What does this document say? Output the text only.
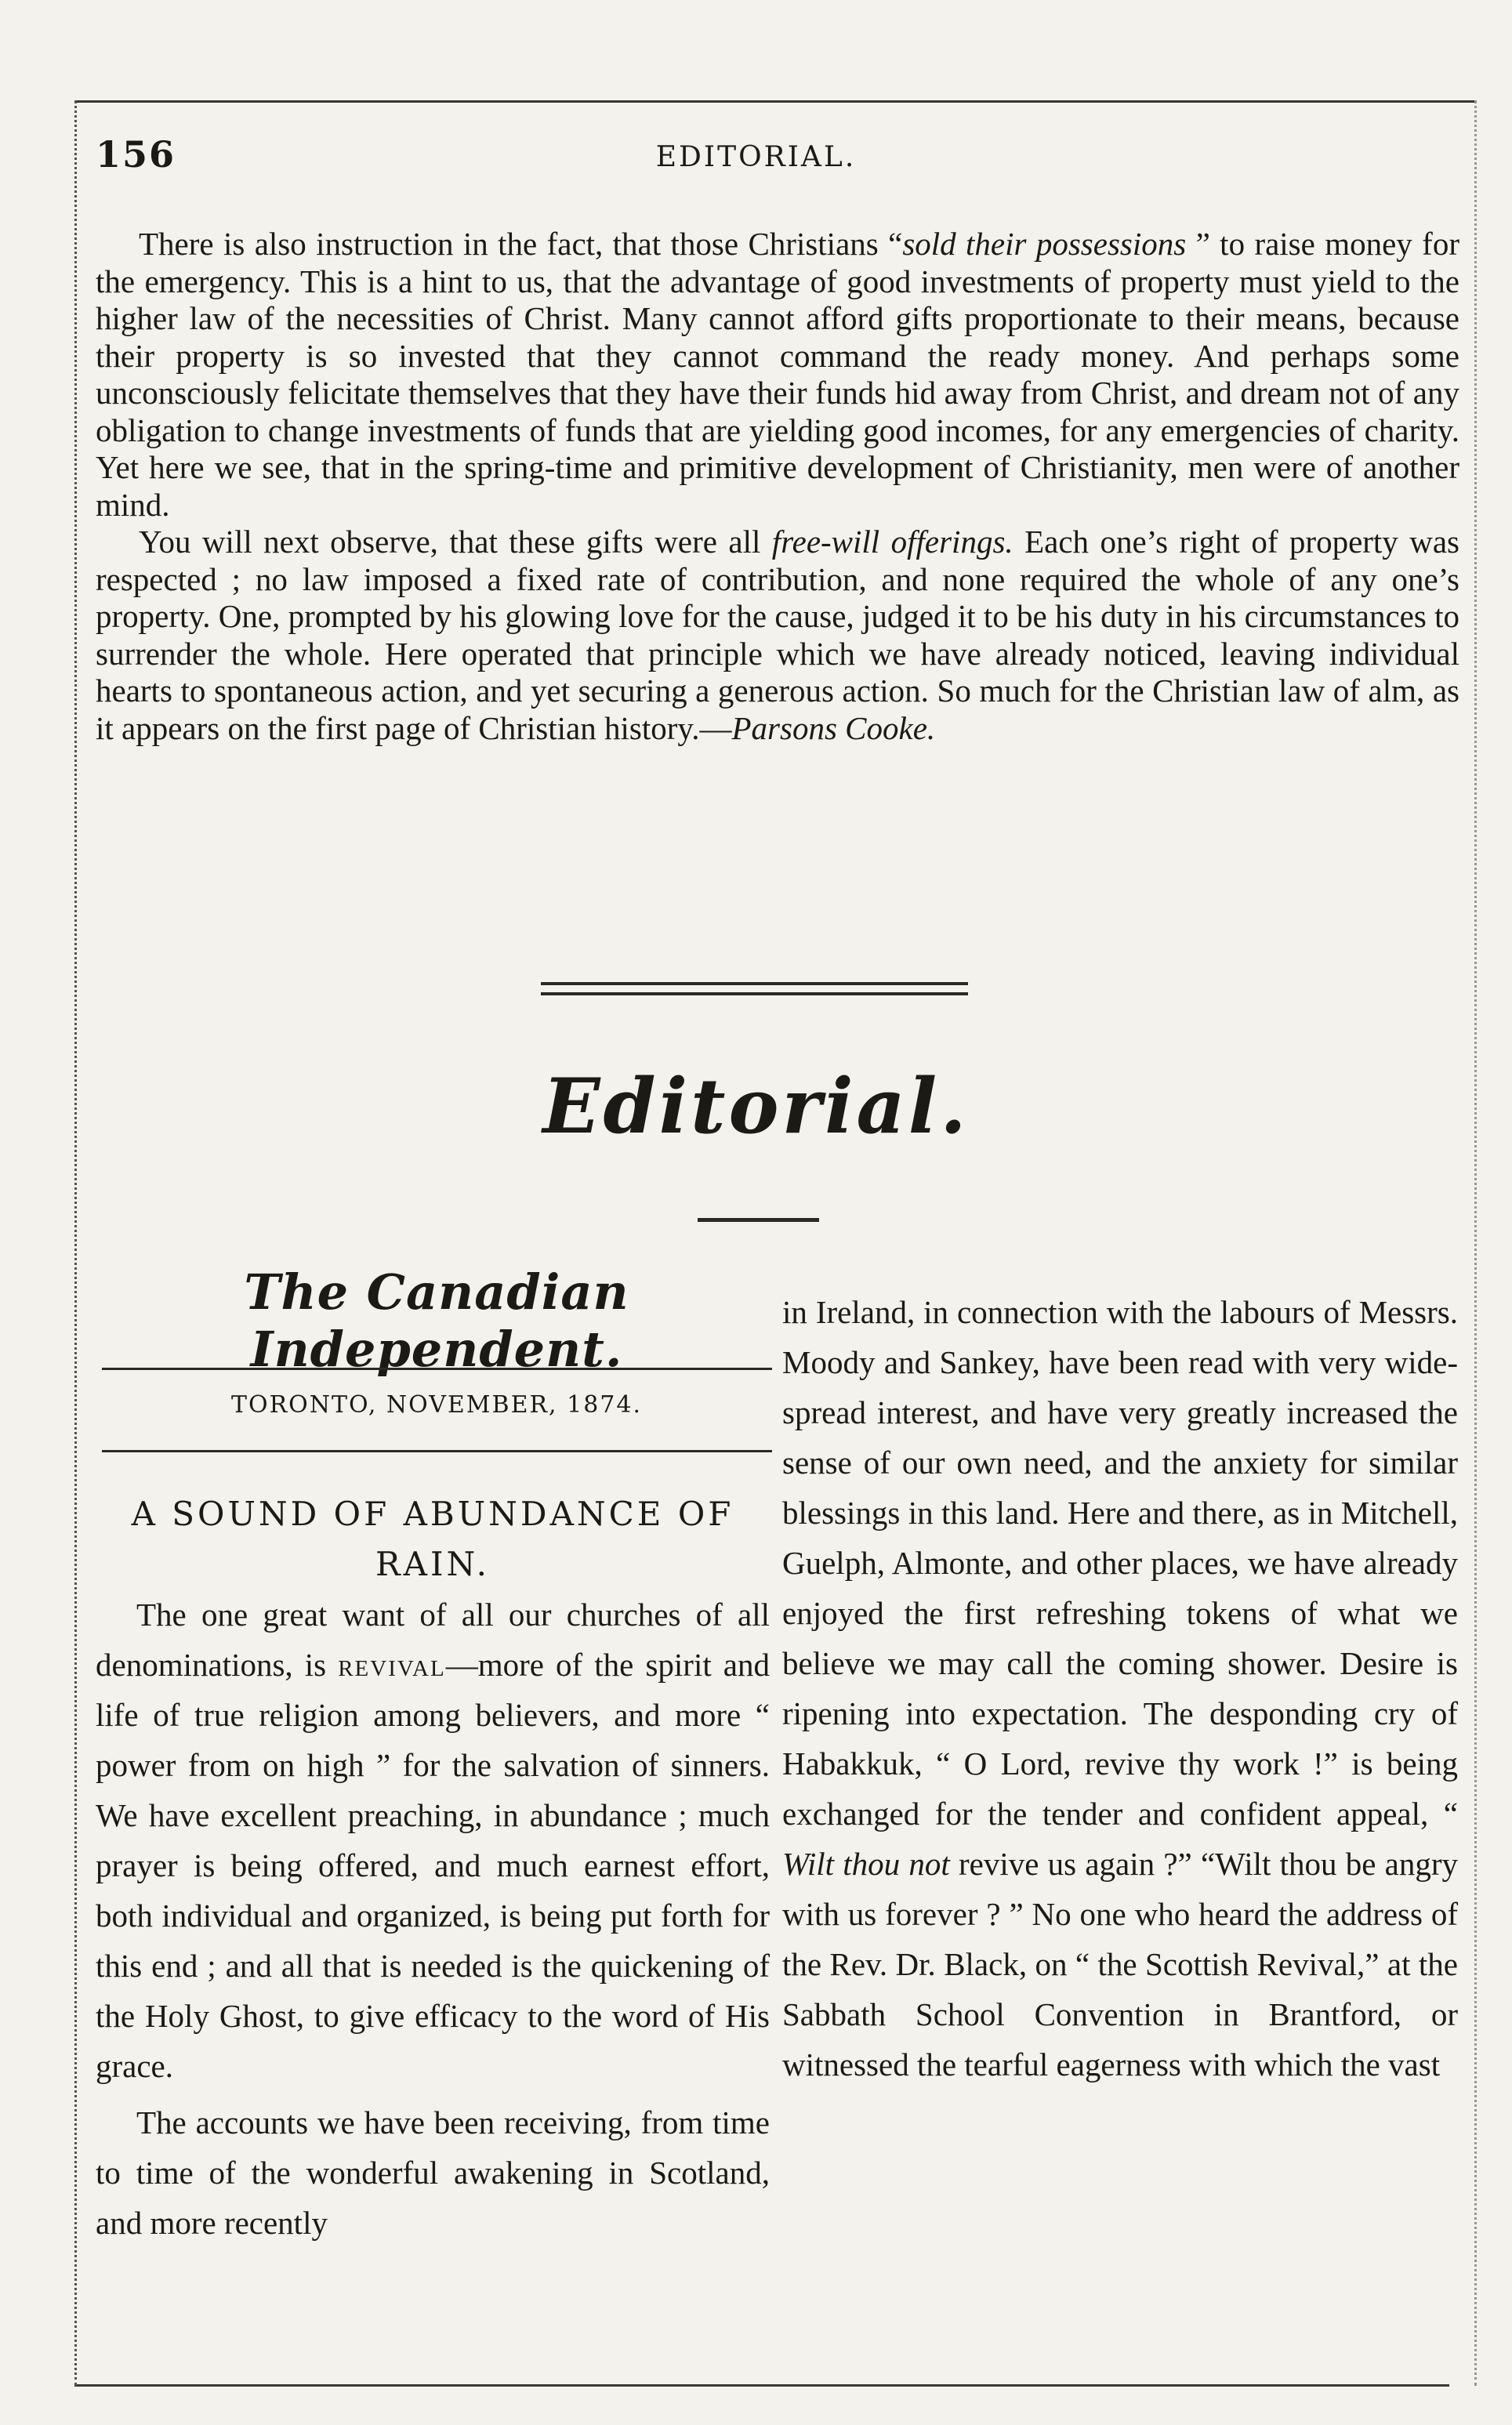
156	EDITORIAL.

There is also instruction in the fact, that those Christians “sold their possessions ” to raise money for the emergency. This is a hint to us, that the advantage of good investments of property must yield to the higher law of the necessities of Christ. Many cannot afford gifts proportionate to their means, because their property is so invested that they cannot command the ready money. And perhaps some unconsciously felicitate themselves that they have their funds hid away from Christ, and dream not of any obligation to change investments of funds that are yielding good incomes, for any emergencies of charity. Yet here we see, that in the spring-time and primitive development of Christianity, men were of another mind.

You will next observe, that these gifts were all free-will offerings. Each one’s right of property was respected ; no law imposed a fixed rate of contribution, and none required the whole of any one’s property. One, prompted by his glowing love for the cause, judged it to be his duty in his circumstances to surrender the whole. Here operated that principle which we have already noticed, leaving individual hearts to spontaneous action, and yet securing a generous action. So much for the Christian law of alm, as it appears on the first page of Christian history.—Parsons Cooke.

Editorial.
The Canadian Independent.
TORONTO, NOVEMBER, 1874.
A SOUND OF ABUNDANCE OF RAIN.

The one great want of all our churches of all denominations, is revival—more of the spirit and life of true religion among believers, and more “ power from on high ” for the salvation of sinners. We have excellent preaching, in abundance ; much prayer is being offered, and much earnest effort, both individual and organized, is being put forth for this end ; and all that is needed is the quickening of the Holy Ghost, to give efficacy to the word of His grace.

The accounts we have been receiving, from time to time of the wonderful awakening in Scotland, and more recently

in Ireland, in connection with the labours of Messrs. Moody and Sankey, have been read with very wide-spread interest, and have very greatly increased the sense of our own need, and the anxiety for similar blessings in this land. Here and there, as in Mitchell, Guelph, Almonte, and other places, we have already enjoyed the first refreshing tokens of what we believe we may call the coming shower. Desire is ripening into expectation. The desponding cry of Habakkuk, “ O Lord, revive thy work !” is being exchanged for the tender and confident appeal, “ Wilt thou not revive us again ?” “Wilt thou be angry with us forever ? ” No one who heard the address of the Rev. Dr. Black, on “ the Scottish Revival,” at the Sabbath School Convention in Brantford, or witnessed the tearful eagerness with which the vast
